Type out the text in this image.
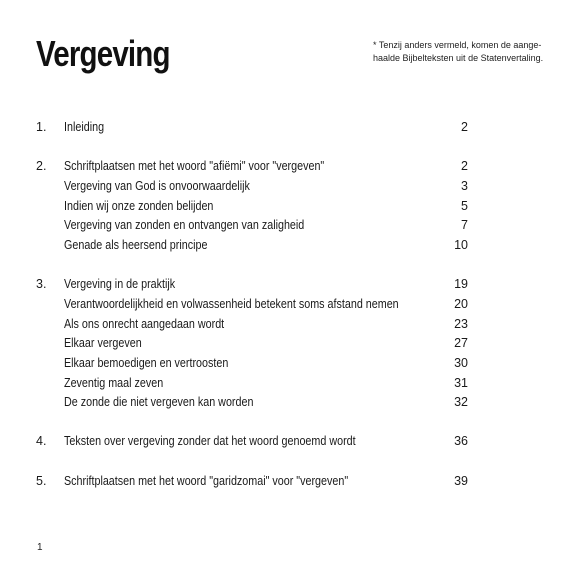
Vergeving	* Tenzij anders vermeld, komen de aange-
haalde Bijbelteksten uit de Statenvertaling.
1. Inleiding	2
2. Schriftplaatsen met het woord "afiëmi" voor "vergeven"	2
Vergeving van God is onvoorwaardelijk	3
Indien wij onze zonden belijden	5
Vergeving van zonden en ontvangen van zaligheid	7
Genade als heersend principe	10
3. Vergeving in de praktijk	19
Verantwoordelijkheid en volwassenheid betekent soms afstand nemen	20
Als ons onrecht aangedaan wordt	23
Elkaar vergeven	27
Elkaar bemoedigen en vertroosten	30
Zeventig maal zeven	31
De zonde die niet vergeven kan worden	32
4. Teksten over vergeving zonder dat het woord genoemd wordt	36
5. Schriftplaatsen met het woord "garidzomai" voor "vergeven"	39
1
